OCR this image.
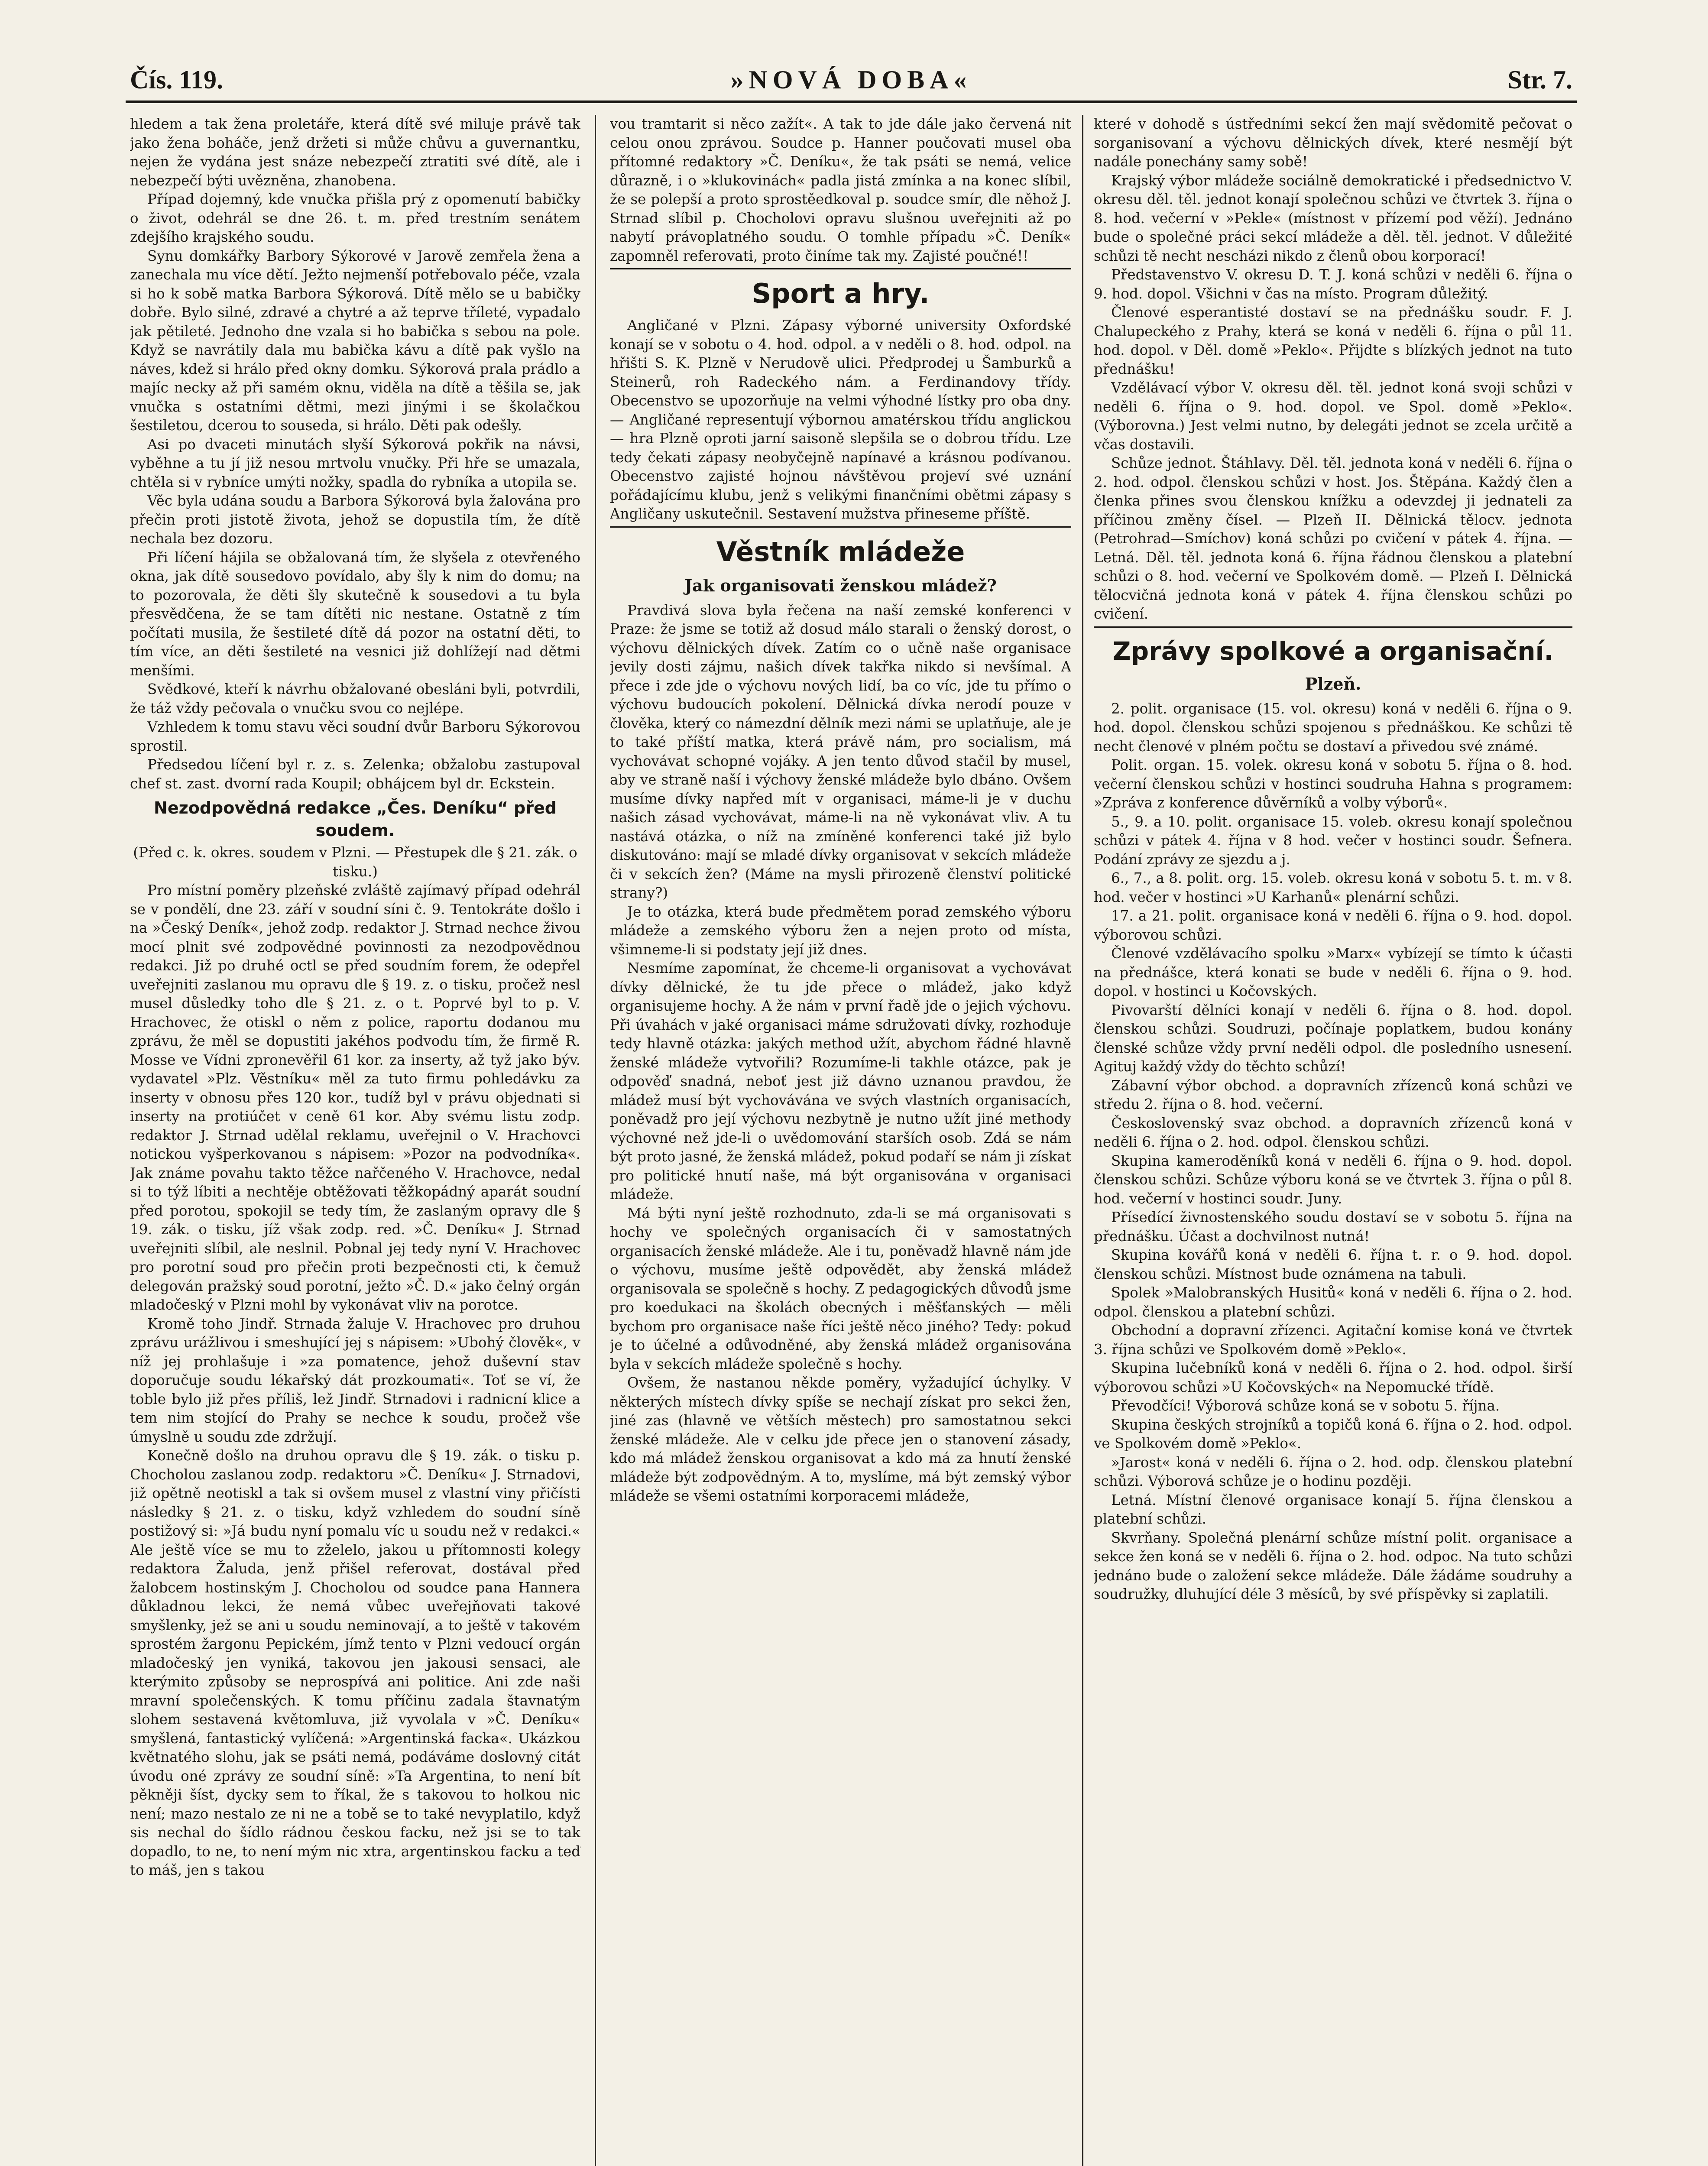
Čís. 119.	»NOVÁ DOBA«	Str. 7.

hledem a tak žena proletáře, která dítě své miluje právě tak jako žena boháče, jenž držeti si může chůvu a guvernantku, nejen že vydána jest snáze nebezpečí ztratiti své dítě, ale i nebezpečí býti uvězněna, zhanobena.

Případ dojemný, kde vnučka přišla prý z opomenutí babičky o život, odehrál se dne 26. t. m. před trestním senátem zdejšího krajského soudu.

Synu domkářky Barbory Sýkorové v Jarově zemřela žena a zanechala mu více dětí. Ježto nejmenší potřebovalo péče, vzala si ho k sobě matka Barbora Sýkorová. Dítě mělo se u babičky dobře. Bylo silné, zdravé a chytré a až teprve tříleté, vypadalo jak pětileté. Jednoho dne vzala si ho babička s sebou na pole. Když se navrátily dala mu babička kávu a dítě pak vyšlo na náves, kdež si hrálo před okny domku. Sýkorová prala prádlo a majíc necky až při samém oknu, viděla na dítě a těšila se, jak vnučka s ostatními dětmi, mezi jinými i se školačkou šestiletou, dcerou to souseda, si hrálo. Děti pak odešly.

Asi po dvaceti minutách slyší Sýkorová pokřik na návsi, vyběhne a tu jí již nesou mrtvolu vnučky. Při hře se umazala, chtěla si v rybníce umýti nožky, spadla do rybníka a utopila se.

Věc byla udána soudu a Barbora Sýkorová byla žalována pro přečin proti jistotě života, jehož se dopustila tím, že dítě nechala bez dozoru.

Při líčení hájila se obžalovaná tím, že slyšela z otevřeného okna, jak dítě sousedovo povídalo, aby šly k nim do domu; na to pozorovala, že děti šly skutečně k sousedovi a tu byla přesvědčena, že se tam dítěti nic nestane. Ostatně z tím počítati musila, že šestileté dítě dá pozor na ostatní děti, to tím více, an děti šestileté na vesnici již dohlížejí nad dětmi menšími.

Svědkové, kteří k návrhu obžalované obesláni byli, potvrdili, že táž vždy pečovala o vnučku svou co nejlépe.

Vzhledem k tomu stavu věci soudní dvůr Barboru Sýkorovou sprostil.

Předsedou líčení byl r. z. s. Zelenka; obžalobu zastupoval chef st. zast. dvorní rada Koupil; obhájcem byl dr. Eckstein.

Nezodpovědná redakce „Čes. Deníku“ před soudem.

(Před c. k. okres. soudem v Plzni. — Přestupek dle § 21. zák. o tisku.)

Pro místní poměry plzeňské zvláště zajímavý případ odehrál se v pondělí, dne 23. září v soudní síni č. 9. Tentokráte došlo i na »Český Deník«, jehož zodp. redaktor J. Strnad nechce živou mocí plnit své zodpovědné povinnosti za nezodpovědnou redakci. Již po druhé octl se před soudním forem, že odepřel uveřejniti zaslanou mu opravu dle § 19. z. o tisku, pročež nesl musel důsledky toho dle § 21. z. o t. Poprvé byl to p. V. Hrachovec, že otiskl o něm z police, raportu dodanou mu zprávu, že měl se dopustiti jakéhos podvodu tím, že firmě R. Mosse ve Vídni zpronevěřil 61 kor. za inserty, až tyž jako býv. vydavatel »Plz. Věstníku« měl za tuto firmu pohledávku za inserty v obnosu přes 120 kor., tudíž byl v právu objednati si inserty na protiúčet v ceně 61 kor. Aby svému listu zodp. redaktor J. Strnad udělal reklamu, uveřejnil o V. Hrachovci notickou vyšperkovanou s nápisem: »Pozor na podvodníka«. Jak známe povahu takto těžce nařčeného V. Hrachovce, nedal si to týž líbiti a nechtěje obtěžovati těžkopádný aparát soudní před porotou, spokojil se tedy tím, že zaslaným opravy dle § 19. zák. o tisku, jíž však zodp. red. »Č. Deníku« J. Strnad uveřejniti slíbil, ale neslnil. Pobnal jej tedy nyní V. Hrachovec pro porotní soud pro přečin proti bezpečnosti cti, k čemuž delegován pražský soud porotní, ježto »Č. D.« jako čelný orgán mladočeský v Plzni mohl by vykonávat vliv na porotce.

Kromě toho Jindř. Strnada žaluje V. Hrachovec pro druhou zprávu urážlivou i smeshující jej s nápisem: »Ubohý člověk«, v níž jej prohlašuje i »za pomatence, jehož duševní stav doporučuje soudu lékařský dát prozkoumati«. Toť se ví, že toble bylo již přes příliš, lež Jindř. Strnadovi i radnicní klice a tem nim stojící do Prahy se nechce k soudu, pročež vše úmyslně u soudu zde zdržují.

Konečně došlo na druhou opravu dle § 19. zák. o tisku p. Chocholou zaslanou zodp. redaktoru »Č. Deníku« J. Strnadovi, již opětně neotiskl a tak si ovšem musel z vlastní viny přičísti následky § 21. z. o tisku, když vzhledem do soudní síně postižový si: »Já budu nyní pomalu víc u soudu než v redakci.« Ale ještě více se mu to zželelo, jakou u přítomnosti kolegy redaktora Žaluda, jenž přišel referovat, dostával před žalobcem hostinským J. Chocholou od soudce pana Hannera důkladnou lekci, že nemá vůbec uveřejňovati takové smyšlenky, jež se ani u soudu neminovají, a to ještě v takovém sprostém žargonu Pepickém, jímž tento v Plzni vedoucí orgán mladočeský jen vyniká, takovou jen jakousi sensaci, ale kterýmito způsoby se neprospívá ani politice. Ani zde naši mravní společenských. K tomu příčinu zadala štavnatým slohem sestavená květomluva, již vyvolala v »Č. Deníku« smyšlená, fantastický vylíčená: »Argentinská facka«. Ukázkou květnatého slohu, jak se psáti nemá, podáváme doslovný citát úvodu oné zprávy ze soudní síně: »Ta Argentina, to není bít pěkněji šíst, dycky sem to říkal, že s takovou to holkou nic není; mazo nestalo ze ni ne a tobě se to také nevyplatilo, když sis nechal do šídlo rádnou českou facku, než jsi se to tak dopadlo, to ne, to není mým nic xtra, argentinskou facku a teď to máš, jen s takou

vou tramtarit si něco zažít«. A tak to jde dále jako červená nit celou onou zprávou. Soudce p. Hanner poučovati musel oba přítomné redaktory »Č. Deníku«, že tak psáti se nemá, velice důrazně, i o »klukovinách« padla jistá zmínka a na konec slíbil, že se polepší a proto sprostěedkoval p. soudce smír, dle něhož J. Strnad slíbil p. Chocholovi opravu slušnou uveřejniti až po nabytí právoplatného soudu. O tomhle případu »Č. Deník« zapomněl referovati, proto činíme tak my. Zajisté poučné!!

Sport a hry.

Angličané v Plzni. Zápasy výborné university Oxfordské konají se v sobotu o 4. hod. odpol. a v neděli o 8. hod. odpol. na hřišti S. K. Plzně v Nerudově ulici. Předprodej u Šamburků a Steinerů, roh Radeckého nám. a Ferdinandovy třídy. Obecenstvo se upozorňuje na velmi výhodné lístky pro oba dny. — Angličané representují výbornou amatérskou třídu anglickou — hra Plzně oproti jarní saisoně slepšila se o dobrou třídu. Lze tedy čekati zápasy neobyčejně napínavé a krásnou podívanou. Obecenstvo zajisté hojnou návštěvou projeví své uznání pořádajícímu klubu, jenž s velikými finančními obětmi zápasy s Angličany uskutečnil. Sestavení mužstva přineseme příště.

Věstník mládeže
Jak organisovati ženskou mládež?

Pravdivá slova byla řečena na naší zemské konferenci v Praze: že jsme se totiž až dosud málo starali o ženský dorost, o výchovu dělnických dívek. Zatím co o učně naše organisace jevily dosti zájmu, našich dívek takřka nikdo si nevšímal. A přece i zde jde o výchovu nových lidí, ba co víc, jde tu přímo o výchovu budoucích pokolení. Dělnická dívka nerodí pouze v člověka, který co námezdní dělník mezi námi se uplatňuje, ale je to také příští matka, která právě nám, pro socialism, má vychovávat schopné vojáky. A jen tento důvod stačil by musel, aby ve straně naší i výchovy ženské mládeže bylo dbáno. Ovšem musíme dívky napřed mít v organisaci, máme-li je v duchu našich zásad vychovávat, máme-li na ně vykonávat vliv. A tu nastává otázka, o níž na zmíněné konferenci také již bylo diskutováno: mají se mladé dívky organisovat v sekcích mládeže či v sekcích žen? (Máme na mysli přirozeně členství politické strany?)

Je to otázka, která bude předmětem porad zemského výboru mládeže a zemského výboru žen a nejen proto od místa, všimneme-li si podstaty její již dnes.

Nesmíme zapomínat, že chceme-li organisovat a vychovávat dívky dělnické, že tu jde přece o mládež, jako když organisujeme hochy. A že nám v první řadě jde o jejich výchovu. Při úvahách v jaké organisaci máme sdružovati dívky, rozhoduje tedy hlavně otázka: jakých method užít, abychom řádné hlavně ženské mládeže vytvořili? Rozumíme-li takhle otázce, pak je odpověď snadná, neboť jest již dávno uznanou pravdou, že mládež musí být vychovávána ve svých vlastních organisacích, poněvadž pro její výchovu nezbytně je nutno užít jiné methody výchovné než jde-li o uvědomování starších osob. Zdá se nám být proto jasné, že ženská mládež, pokud podaří se nám ji získat pro politické hnutí naše, má být organisována v organisaci mládeže.

Má býti nyní ještě rozhodnuto, zda-li se má organisovati s hochy ve společných organisacích či v samostatných organisacích ženské mládeže. Ale i tu, poněvadž hlavně nám jde o výchovu, musíme ještě odpovědět, aby ženská mládež organisovala se společně s hochy. Z pedagogických důvodů jsme pro koedukaci na školách obecných i měšťanských — měli bychom pro organisace naše říci ještě něco jiného? Tedy: pokud je to účelné a odůvodněné, aby ženská mládež organisována byla v sekcích mládeže společně s hochy.

Ovšem, že nastanou někde poměry, vyžadující úchylky. V některých místech dívky spíše se nechají získat pro sekci žen, jiné zas (hlavně ve větších městech) pro samostatnou sekci ženské mládeže. Ale v celku jde přece jen o stanovení zásady, kdo má mládež ženskou organisovat a kdo má za hnutí ženské mládeže být zodpovědným. A to, myslíme, má být zemský výbor mládeže se všemi ostatními korporacemi mládeže,

které v dohodě s ústředními sekcí žen mají svědomitě pečovat o sorganisovaní a výchovu dělnických dívek, které nesmějí být nadále ponechány samy sobě!

Krajský výbor mládeže sociálně demokratické i předsednictvo V. okresu děl. těl. jednot konají společnou schůzi ve čtvrtek 3. října o 8. hod. večerní v »Pekle« (místnost v přízemí pod věží). Jednáno bude o společné práci sekcí mládeže a děl. těl. jednot. V důležité schůzi tě necht nescházi nikdo z členů obou korporací!

Představenstvo V. okresu D. T. J. koná schůzi v neděli 6. října o 9. hod. dopol. Všichni v čas na místo. Program důležitý.

Členové esperantisté dostaví se na přednášku soudr. F. J. Chalupeckého z Prahy, která se koná v neděli 6. října o půl 11. hod. dopol. v Děl. domě »Peklo«. Přijdte s blízkých jednot na tuto přednášku!

Vzdělávací výbor V. okresu děl. těl. jednot koná svoji schůzi v neděli 6. října o 9. hod. dopol. ve Spol. domě »Peklo«. (Výborovna.) Jest velmi nutno, by delegáti jednot se zcela určitě a včas dostavili.

Schůze jednot. Štáhlavy. Děl. těl. jednota koná v neděli 6. října o 2. hod. odpol. členskou schůzi v host. Jos. Štěpána. Každý člen a členka přines svou členskou knížku a odevzdej ji jednateli za příčinou změny čísel. — Plzeň II. Dělnická tělocv. jednota (Petrohrad—Smíchov) koná schůzi po cvičení v pátek 4. října. — Letná. Děl. těl. jednota koná 6. října řádnou členskou a platební schůzi o 8. hod. večerní ve Spolkovém domě. — Plzeň I. Dělnická tělocvičná jednota koná v pátek 4. října členskou schůzi po cvičení.

Zprávy spolkové a organisační.
Plzeň.

2. polit. organisace (15. vol. okresu) koná v neděli 6. října o 9. hod. dopol. členskou schůzi spojenou s přednáškou. Ke schůzi tě necht členové v plném počtu se dostaví a přivedou své známé.

Polit. organ. 15. volek. okresu koná v sobotu 5. října o 8. hod. večerní členskou schůzi v hostinci soudruha Hahna s programem: »Zpráva z konference důvěrníků a volby výborů«.

5., 9. a 10. polit. organisace 15. voleb. okresu konají společnou schůzi v pátek 4. října v 8 hod. večer v hostinci soudr. Šefnera. Podání zprávy ze sjezdu a j.

6., 7., a 8. polit. org. 15. voleb. okresu koná v sobotu 5. t. m. v 8. hod. večer v hostinci »U Karhanů« plenární schůzi.

17. a 21. polit. organisace koná v neděli 6. října o 9. hod. dopol. výborovou schůzi.

Členové vzdělávacího spolku »Marx« vybízejí se tímto k účasti na přednášce, která konati se bude v neděli 6. října o 9. hod. dopol. v hostinci u Kočovských.

Pivovarští dělníci konají v neděli 6. října o 8. hod. dopol. členskou schůzi. Soudruzi, počínaje poplatkem, budou konány členské schůze vždy první neděli odpol. dle posledního usnesení. Agituj každý vždy do těchto schůzí!

Zábavní výbor obchod. a dopravních zřízenců koná schůzi ve středu 2. října o 8. hod. večerní.

Československý svaz obchod. a dopravních zřízenců koná v neděli 6. října o 2. hod. odpol. členskou schůzi.

Skupina kameroděníků koná v neděli 6. října o 9. hod. dopol. členskou schůzi. Schůze výboru koná se ve čtvrtek 3. října o půl 8. hod. večerní v hostinci soudr. Juny.

Přísedící živnostenského soudu dostaví se v sobotu 5. října na přednášku. Účast a dochvilnost nutná!

Skupina kovářů koná v neděli 6. října t. r. o 9. hod. dopol. členskou schůzi. Místnost bude oznámena na tabuli.

Spolek »Malobranských Husitů« koná v neděli 6. října o 2. hod. odpol. členskou a platební schůzi.

Obchodní a dopravní zřízenci. Agitační komise koná ve čtvrtek 3. října schůzi ve Spolkovém domě »Peklo«.

Skupina lučebníků koná v neděli 6. října o 2. hod. odpol. širší výborovou schůzi »U Kočovských« na Nepomucké třídě.

Převodčíci! Výborová schůze koná se v sobotu 5. října.

Skupina českých strojníků a topičů koná 6. října o 2. hod. odpol. ve Spolkovém domě »Peklo«.

»Jarost« koná v neděli 6. října o 2. hod. odp. členskou platební schůzi. Výborová schůze je o hodinu později.

Letná. Místní členové organisace konají 5. října členskou a platební schůzi.

Skvrňany. Společná plenární schůze místní polit. organisace a sekce žen koná se v neděli 6. října o 2. hod. odpoc. Na tuto schůzi jednáno bude o založení sekce mládeže. Dále žádáme soudruhy a soudružky, dluhující déle 3 měsíců, by své příspěvky si zaplatili.
